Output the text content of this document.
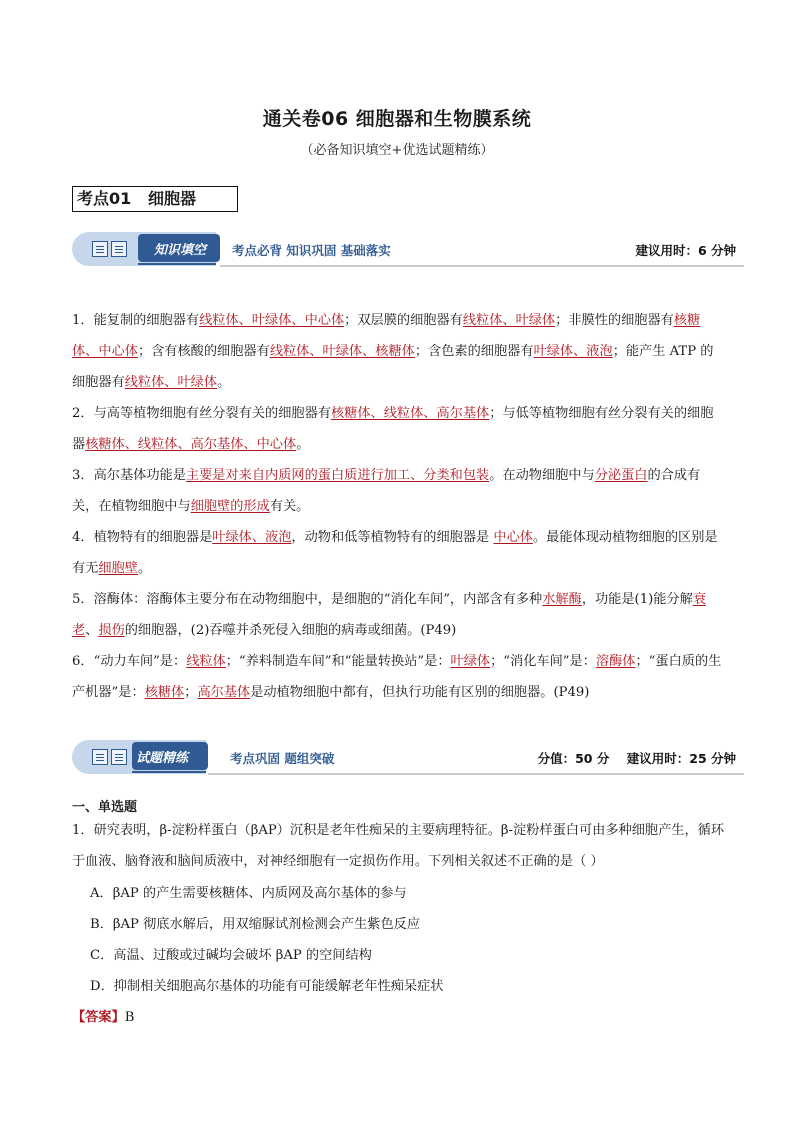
通关卷06 细胞器和生物膜系统
（必备知识填空+优选试题精练）
考点01   细胞器
知识填空 考点必背 知识巩固 基础落实	建议用时：6 分钟
1．能复制的细胞器有线粒体、叶绿体、中心体；双层膜的细胞器有线粒体、叶绿体；非膜性的细胞器有核糖体、中心体；含有核酸的细胞器有线粒体、叶绿体、核糖体；含色素的细胞器有叶绿体、液泡；能产生 ATP 的细胞器有线粒体、叶绿体。
2．与高等植物细胞有丝分裂有关的细胞器有核糖体、线粒体、高尔基体；与低等植物细胞有丝分裂有关的细胞器核糖体、线粒体、高尔基体、中心体。
3．高尔基体功能是主要是对来自内质网的蛋白质进行加工、分类和包装。在动物细胞中与分泌蛋白的合成有关，在植物细胞中与细胞壁的形成有关。
4．植物特有的细胞器是叶绿体、液泡，动物和低等植物特有的细胞器是 中心体。最能体现动植物细胞的区别是有无细胞壁。
5．溶酶体：溶酶体主要分布在动物细胞中，是细胞的“消化车间”，内部含有多种水解酶，功能是(1)能分解衰老、损伤的细胞器，(2)吞噬并杀死侵入细胞的病毒或细菌。(P49)
6．“动力车间”是：线粒体；“养料制造车间”和“能量转换站”是：叶绿体；“消化车间”是：溶酶体；“蛋白质的生产机器”是：核糖体；高尔基体是动植物细胞中都有，但执行功能有区别的细胞器。(P49)
试题精练	考点巩固 题组突破	分值：50 分    建议用时：25 分钟
一、单选题
1．研究表明，β-淀粉样蛋白（βAP）沉积是老年性痴呆的主要病理特征。β-淀粉样蛋白可由多种细胞产生，循环于血液、脑脊液和脑间质液中，对神经细胞有一定损伤作用。下列相关叙述不正确的是（ ）
A．βAP 的产生需要核糖体、内质网及高尔基体的参与
B．βAP 彻底水解后，用双缩脲试剂检测会产生紫色反应
C．高温、过酸或过碱均会破坏 βAP 的空间结构
D．抑制相关细胞高尔基体的功能有可能缓解老年性痴呆症状
【答案】B
